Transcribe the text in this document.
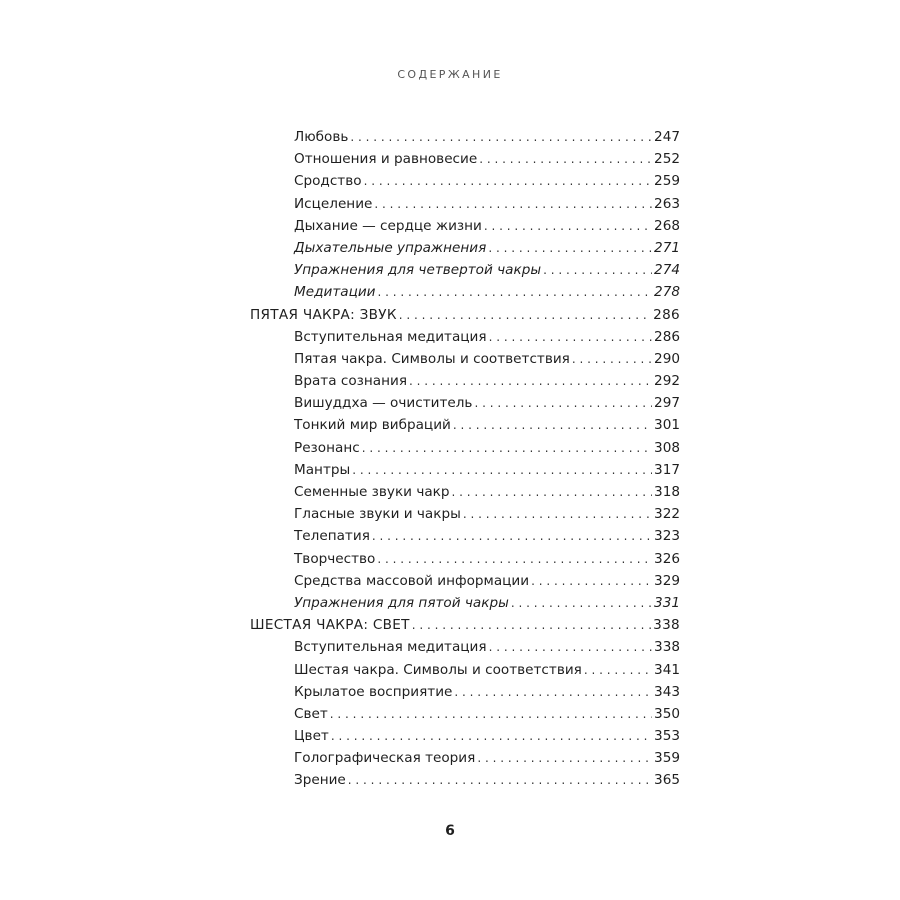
СОДЕРЖАНИЕ
Любовь . . .	247
Отношения и равновесие . . .	252
Сродство . . .	259
Исцеление . . .	263
Дыхание — сердце жизни . . .	268
Дыхательные упражнения . . .	271
Упражнения для четвертой чакры . . .	274
Медитации . . .	278
ПЯТАЯ ЧАКРА: ЗВУК . . .	286
Вступительная медитация . . .	286
Пятая чакра. Символы и соответствия . . .	290
Врата сознания . . .	292
Вишуддха — очиститель . . .	297
Тонкий мир вибраций . . .	301
Резонанс . . .	308
Мантры . . .	317
Семенные звуки чакр . . .	318
Гласные звуки и чакры . . .	322
Телепатия . . .	323
Творчество . . .	326
Средства массовой информации . . .	329
Упражнения для пятой чакры . . .	331
ШЕСТАЯ ЧАКРА: СВЕТ . . .	338
Вступительная медитация . . .	338
Шестая чакра. Символы и соответствия . . .	341
Крылатое восприятие . . .	343
Свет . . .	350
Цвет . . .	353
Голографическая теория . . .	359
Зрение . . .	365
6
